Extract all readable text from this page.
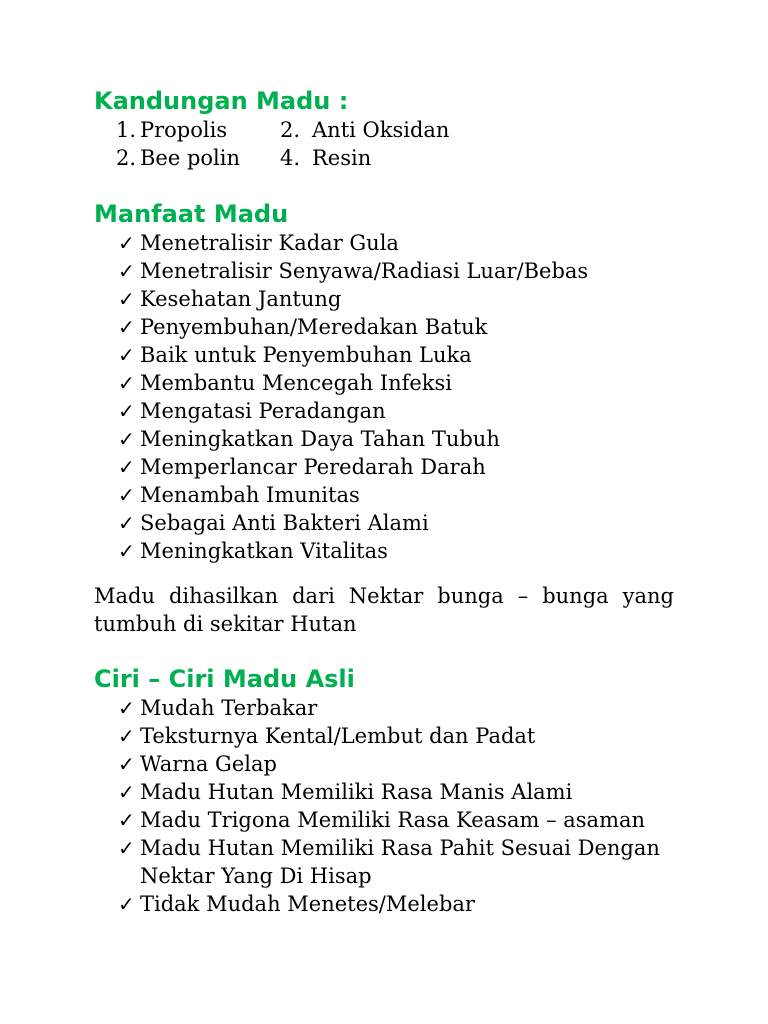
Kandungan Madu :
1. Propolis	2. Anti Oksidan
2. Bee polin 4. Resin
Manfaat Madu
✓ Menetralisir Kadar Gula
✓ Menetralisir Senyawa/Radiasi Luar/Bebas
✓ Kesehatan Jantung
✓ Penyembuhan/Meredakan Batuk
✓ Baik untuk Penyembuhan Luka
✓ Membantu Mencegah Infeksi
✓ Mengatasi Peradangan
✓ Meningkatkan Daya Tahan Tubuh
✓ Memperlancar Peredarah Darah
✓ Menambah Imunitas
✓ Sebagai Anti Bakteri Alami
✓ Meningkatkan Vitalitas
Madu dihasilkan dari Nektar bunga – bunga yang
tumbuh di sekitar Hutan
Ciri – Ciri Madu Asli
✓ Mudah Terbakar
✓ Teksturnya Kental/Lembut dan Padat
✓ Warna Gelap
✓ Madu Hutan Memiliki Rasa Manis Alami
✓ Madu Trigona Memiliki Rasa Keasam – asaman
✓ Madu Hutan Memiliki Rasa Pahit Sesuai Dengan
Nektar Yang Di Hisap
✓ Tidak Mudah Menetes/Melebar
